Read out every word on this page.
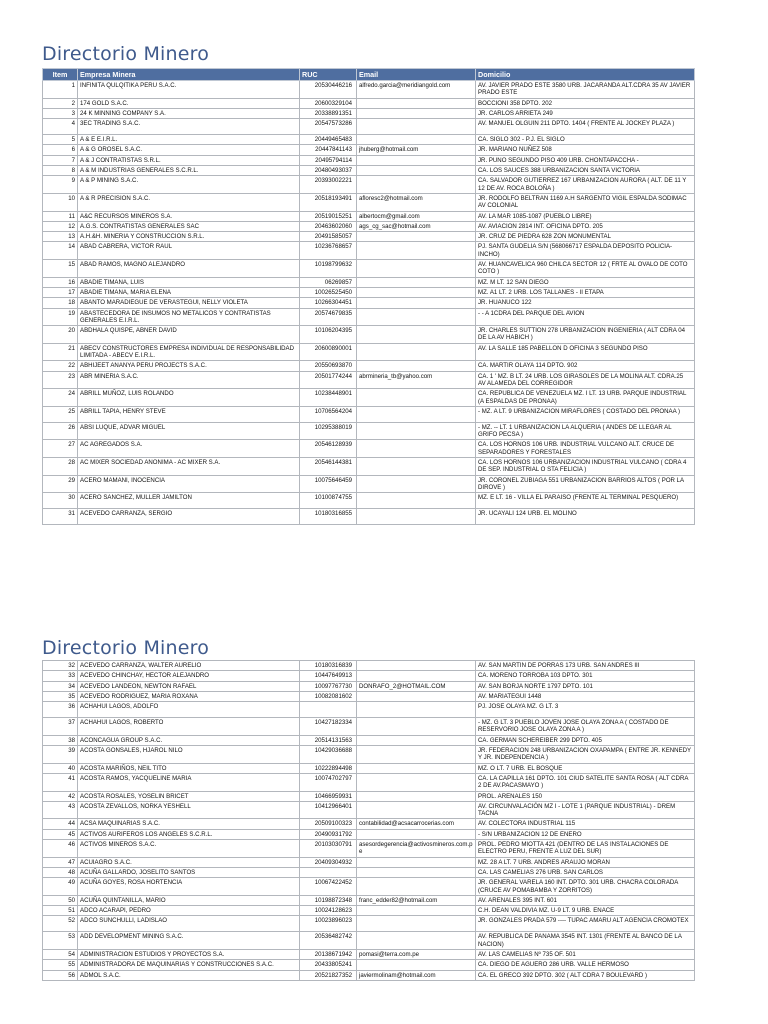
Directorio Minero
Item	Empresa Minera	RUC	Email	Domicilio
1	INFINITA QULQITIKA PERU S.A.C.	20530446216	alfredo.garcia@meridiangold.com	AV. JAVIER PRADO ESTE 3580 URB. JACARANDA ALT.CDRA 35 AV JAVIER PRADO ESTE
2	174 GOLD S.A.C.	20600329104		BOCCIONI 358 DPTO. 202
3	24 K MINNING COMPANY S.A.	20338891351		JR. CARLOS ARRIETA 249
4	3EC TRADING S.A.C.	20547573286		AV. MANUEL OLGUIN 211 DPTO. 1404 ( FRENTE AL JOCKEY PLAZA )
5	A & E E.I.R.L.	20449465483		CA. SIGLO 302 - P.J. EL SIGLO
6	A & G OROSEL S.A.C.	20447841143	jhuberg@hotmail.com	JR. MARIANO NUÑEZ 508
7	A & J CONTRATISTAS S.R.L.	20495794114		JR. PUNO SEGUNDO PISO 409 URB. CHONTAPACCHA -
8	A & M INDUSTRIAS GENERALES S.C.R.L.	20480493037		CA. LOS SAUCES 388 URBANIZACION SANTA VICTORIA
9	A & P MINING S.A.C.	20393002221		CA. SALVADOR GUTIERREZ 167 URBANIZACION AURORA ( ALT. DE 11 Y 12 DE AV. ROCA BOLOÑA )
10	A & R PRECISION S.A.C.	20518193491	afloresc2@hotmail.com	JR. RODOLFO BELTRAN 1169 A.H SARGENTO VIGIL ESPALDA SODIMAC AV COLONIAL
11	A&C RECURSOS MINEROS S.A.	20519015251	albertocm@gmail.com	AV. LA MAR 1085-1087 (PUEBLO LIBRE)
12	A.G.S. CONTRATISTAS GENERALES SAC	20463602060	ags_cg_sac@hotmail.com	AV. AVIACION 2814 INT. OFICINA DPTO. 205
13	A.H.&H. MINERIA Y CONSTRUCCION S.R.L.	20491585057		JR. CRUZ DE PIEDRA 628 ZON MONUMENTAL
14	ABAD CABRERA, VICTOR RAUL	10236768657		PJ. SANTA GUDELIA S/N (568066717 ESPALDA DEPOSITO POLICIA-INCHO)
15	ABAD RAMOS, MAGNO ALEJANDRO	10198799632		AV. HUANCAVELICA 960 CHILCA SECTOR 12 ( FRTE AL OVALO DE COTO COTO )
16	ABADIE TIMANA, LUIS	06269857		MZ. M LT. 12 SAN DIEGO
17	ABADIE TIMANA, MARIA ELENA	10026525450		MZ. A1 LT. 2 URB. LOS TALLANES - II ETAPA
18	ABANTO MARADIEGUE DE VERASTEGUI, NELLY VIOLETA	10266304451		JR. HUANUCO 122
19	ABASTECEDORA DE INSUMOS NO METALICOS Y CONTRATISTAS GENERALES E.I.R.L.	20574679835		- - A 1CDRA DEL PARQUE DEL AVION
20	ABDHALA QUISPE, ABNER DAVID	10106204395		JR. CHARLES SUTTION 278 URBANIZACION INGENIERIA ( ALT CDRA 04 DE LA AV HABICH )
21	ABECV CONSTRUCTORES EMPRESA INDIVIDUAL DE RESPONSABILIDAD LIMITADA - ABECV E.I.R.L.	20600890001		AV. LA SALLE 185 PABELLON D OFICINA 3 SEGUNDO PISO
22	ABHIJEET ANANYA PERU PROJECTS S.A.C.	20550693870		CA. MARTIR OLAYA 114 DPTO. 902
23	ABR MINERIA S.A.C.	20501774244	abrmineria_tb@yahoo.com	CA. 1 ' MZ. B LT. 24 URB. LOS GIRASOLES DE LA MOLINA ALT. CDRA.25 AV ALAMEDA DEL CORREGIDOR
24	ABRILL MUÑOZ, LUIS ROLANDO	10238448901		CA. REPUBLICA DE VENEZUELA MZ. I LT. 13 URB. PARQUE INDUSTRIAL (A ESPALDAS DE PRONAA)
25	ABRILL TAPIA, HENRY STEVE	10706564204		- MZ. A LT. 9 URBANIZACION MIRAFLORES ( COSTADO DEL PRONAA )
26	ABSI LUQUE, ADVAR MIGUEL	10295388019		- MZ. -- LT. 1 URBANIZACION LA ALQUERIA ( ANDES DE LLEGAR AL GRIFO PECSA )
27	AC AGREGADOS S.A.	20546128939		CA. LOS HORNOS 106 URB. INDUSTRIAL VULCANO ALT. CRUCE DE SEPARADORES Y FORESTALES
28	AC MIXER SOCIEDAD ANONIMA - AC MIXER S.A.	20546144381		CA. LOS HORNOS 106 URBANIZACION INDUSTRIAL VULCANO ( CDRA 4 DE SEP. INDUSTRIAL O STA FELICIA )
29	ACERO MAMANI, INOCENCIA	10075646459		JR. CORONEL ZUBIAGA 551 URBANIZACION BARRIOS ALTOS ( POR LA DIROVE )
30	ACERO SANCHEZ, MULLER JAMILTON	10100874755		MZ. E LT. 16 - VILLA EL PARAISO (FRENTE AL TERMINAL PESQUERO)
31	ACEVEDO CARRANZA, SERGIO	10180316855		JR. UCAYALI 124 URB. EL MOLINO
Directorio Minero
32	ACEVEDO CARRANZA, WALTER AURELIO	10180316839		AV. SAN MARTIN DE PORRAS 173 URB. SAN ANDRES III
33	ACEVEDO CHINCHAY, HECTOR ALEJANDRO	10447649913		CA. MORENO TORROBA 103 DPTO. 301
34	ACEVEDO LANDEON, NEWTON RAFAEL	10097767730	DONRAFO_2@HOTMAIL.COM	AV. SAN BORJA NORTE 1797 DPTO. 101
35	ACEVEDO RODRIGUEZ, MARIA ROXANA	10082081602		AV. MARIATEGUI 1448
36	ACHAHUI LAGOS, ADOLFO			PJ. JOSE OLAYA MZ. G LT. 3
37	ACHAHUI LAGOS, ROBERTO	10427182334		- MZ. G LT. 3 PUEBLO JOVEN JOSE OLAYA ZONA A ( COSTADO DE RESERVORIO JOSE OLAYA ZONA A )
38	ACONCAGUA GROUP S.A.C.	20514131563		CA. GERMAN SCHEREIBER 299 DPTO. 405
39	ACOSTA GONSALES, HJAROL NILO	10429036688		JR. FEDERACION 248 URBANIZACION OXAPAMPA ( ENTRE JR. KENNEDY Y JR. INDEPENDENCIA )
40	ACOSTA MARIÑOS, NEIL TITO	10222894498		MZ. O LT. 7 URB. EL BOSQUE
41	ACOSTA RAMOS, YACQUELINE MARIA	10074702797		CA. LA CAPILLA 161 DPTO. 101 CIUD SATELITE SANTA ROSA ( ALT CDRA 2 DE AV.PACASMAYO )
42	ACOSTA ROSALES, YOSELIN BRICET	10466959931		PROL. ARENALES 150
43	ACOSTA ZEVALLOS, NORKA YESHELL	10412966401		AV. CIRCUNVALACIÓN MZ I - LOTE 1 (PARQUE INDUSTRIAL) - DREM TACNA
44	ACSA MAQUINARIAS S.A.C.	20509100323	contabilidad@acsacarrocerias.com	AV. COLECTORA INDUSTRIAL 115
45	ACTIVOS AURIFEROS LOS ANGELES S.C.R.L.	20490931792		- S/N URBANIZACION 12 DE ENERO
46	ACTIVOS MINEROS S.A.C.	20103030791	asesordegerencia@activosmineros.com.pe	PROL. PEDRO MIOTTA 421 (DENTRO DE LAS INSTALACIONES DE ELECTRO PERU, FRENTE A LUZ DEL SUR)
47	ACUIAGRO S.A.C.	20409304932		MZ. 28 A LT. 7 URB. ANDRES ARAUJO MORAN
48	ACUÑA GALLARDO, JOSELITO SANTOS			CA. LAS CAMELIAS 276 URB. SAN CARLOS
49	ACUÑA GOYES, ROSA HORTENCIA	10067422452		JR. GENERAL VARELA 160 INT. DPTO. 301 URB. CHACRA COLORADA (CRUCE AV POMABAMBA Y ZORRITOS)
50	ACUÑA QUINTANILLA, MARIO	10198872348	franc_edder82@hotmail.com	AV. ARENALES 395 INT. 601
51	ADCO ACARAPI, PEDRO	10024128623		C.H. DEAN VALDIVIA MZ. U-9 LT. 9 URB. ENACE
52	ADCO SUNCHULLI, LADISLAO	10023896023		JR. GONZALES PRADA 579 ---- TUPAC AMARU ALT AGENCIA CROMOTEX
53	ADD DEVELOPMENT MINING S.A.C.	20536482742		AV. REPUBLICA DE PANAMA 3545 INT. 1301 (FRENTE AL BANCO DE LA NACION)
54	ADMINISTRACION ESTUDIOS Y PROYECTOS S.A.	20138671942	pomasi@terra.com.pe	AV. LAS CAMELIAS Nº 735 OF. 501
55	ADMINISTRADORA DE MAQUINARIAS Y CONSTRUCCIONES S.A.C.	20433805241		CA. DIEGO DE AGUERO 286 URB. VALLE HERMOSO
56	ADMOL S.A.C.	20521827352	javiermolinam@hotmail.com	CA. EL GRECO 392 DPTO. 302 ( ALT CDRA 7 BOULEVARD )
